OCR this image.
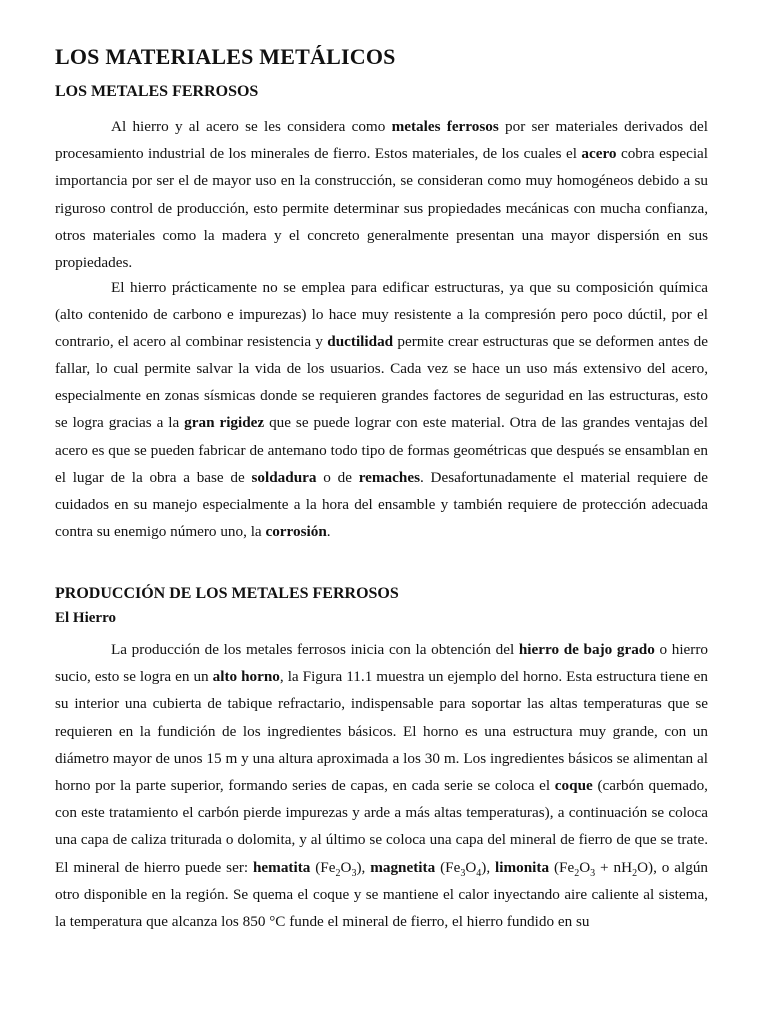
LOS MATERIALES METÁLICOS
LOS METALES FERROSOS

Al hierro y al acero se les considera como metales ferrosos por ser materiales derivados del procesamiento industrial de los minerales de fierro. Estos materiales, de los cuales el acero cobra especial importancia por ser el de mayor uso en la construcción, se consideran como muy homogéneos debido a su riguroso control de producción, esto permite determinar sus propiedades mecánicas con mucha confianza, otros materiales como la madera y el concreto generalmente presentan una mayor dispersión en sus propiedades.

El hierro prácticamente no se emplea para edificar estructuras, ya que su composición química (alto contenido de carbono e impurezas) lo hace muy resistente a la compresión pero poco dúctil, por el contrario, el acero al combinar resistencia y ductilidad permite crear estructuras que se deformen antes de fallar, lo cual permite salvar la vida de los usuarios. Cada vez se hace un uso más extensivo del acero, especialmente en zonas sísmicas donde se requieren grandes factores de seguridad en las estructuras, esto se logra gracias a la gran rigidez que se puede lograr con este material. Otra de las grandes ventajas del acero es que se pueden fabricar de antemano todo tipo de formas geométricas que después se ensamblan en el lugar de la obra a base de soldadura o de remaches. Desafortunadamente el material requiere de cuidados en su manejo especialmente a la hora del ensamble y también requiere de protección adecuada contra su enemigo número uno, la corrosión.

PRODUCCIÓN DE LOS METALES FERROSOS
El Hierro

La producción de los metales ferrosos inicia con la obtención del hierro de bajo grado o hierro sucio, esto se logra en un alto horno, la Figura 11.1 muestra un ejemplo del horno. Esta estructura tiene en su interior una cubierta de tabique refractario, indispensable para soportar las altas temperaturas que se requieren en la fundición de los ingredientes básicos. El horno es una estructura muy grande, con un diámetro mayor de unos 15 m y una altura aproximada a los 30 m. Los ingredientes básicos se alimentan al horno por la parte superior, formando series de capas, en cada serie se coloca el coque (carbón quemado, con este tratamiento el carbón pierde impurezas y arde a más altas temperaturas), a continuación se coloca una capa de caliza triturada o dolomita, y al último se coloca una capa del mineral de fierro de que se trate. El mineral de hierro puede ser: hematita $(Fe_2O_3)$, magnetita $(Fe_3O_4)$, limonita $(Fe_2O_3 + nH_2O)$, o algún otro disponible en la región. Se quema el coque y se mantiene el calor inyectando aire caliente al sistema, la temperatura que alcanza los 850 °C funde el mineral de fierro, el hierro fundido en su
